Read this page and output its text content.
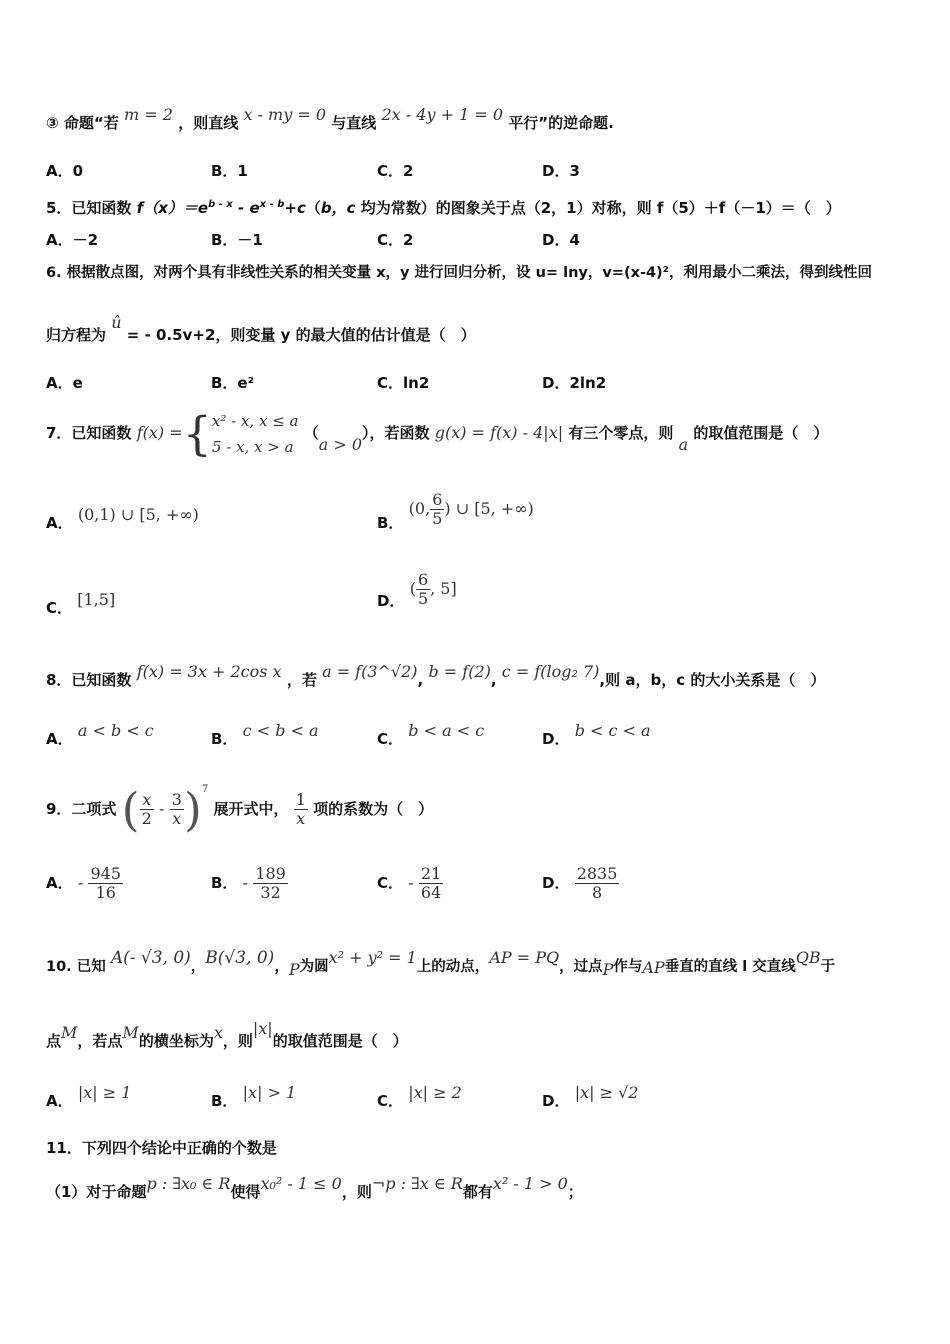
③ 命题“若 m = 2 ，则直线 x - my = 0 与直线 2x - 4y + 1 = 0 平行”的逆命题.
A．0	B．1	C．2	D．3
5．已知函数 $f(x)=e^{b - x} - e^{x - b}+c(b$，c 均为常数）的图象关于点（2，1）对称，则 f（5）＋f（－1）＝（　）
A．－2	B．－1	C．2	D．4
6. 根据散点图，对两个具有非线性关系的相关变量 x，y 进行回归分析，设 u= lny，v=(x-4)²，利用最小二乘法，得到线性回
归方程为 û = - 0.5v+2，则变量 y 的最大值的估计值是（　）
A．e	B．e²	C．ln2	D．2ln2
7．已知函数 f(x) ={ x² - x, x ≤ a
5 - x, x > a
（a > 0），若函数 g(x) = f(x) - 4|x| 有三个零点，则 a 的取值范围是（　）
A． (0,1) ∪ [5, +∞)	B． (0, $\frac{6}{5}$ ) ∪ [5, +∞)
C． [1,5]	D． ( $\frac{6}{5}$ , 5]
8．已知函数 f(x) = 3x + 2cos x ，若 a = f(3^√2), b = f(2), c = f(log₂ 7),则 a，b，c 的大小关系是（　）
A． a < b < c	B． c < b < a	C． b < a < c	D． b < c < a
9．二项式 ( $\frac{x}{2} - \frac{3}{x} )^7$ 展开式中， $\frac{1}{x}$ 项的系数为（　）
A． - $\frac{945}{16}$	B． - $\frac{189}{32}$	C． - $\frac{21}{64}$	D． $\frac{2835}{8}$
10. 已知 A(- √3, 0)，B(√3, 0)，P为圆x² + y² = 1上的动点，AP = PQ，过点P作与AP垂直的直线 l 交直线QB于
点M，若点M的横坐标为x，则|x|的取值范围是（　）
A． |x| ≥ 1	B． |x| > 1	C． |x| ≥ 2	D． |x| ≥ √2
11．下列四个结论中正确的个数是
（1）对于命题p : ∃x₀ ∈ R使得x₀² - 1 ≤ 0，则¬p : ∃x ∈ R都有x² - 1 > 0；
